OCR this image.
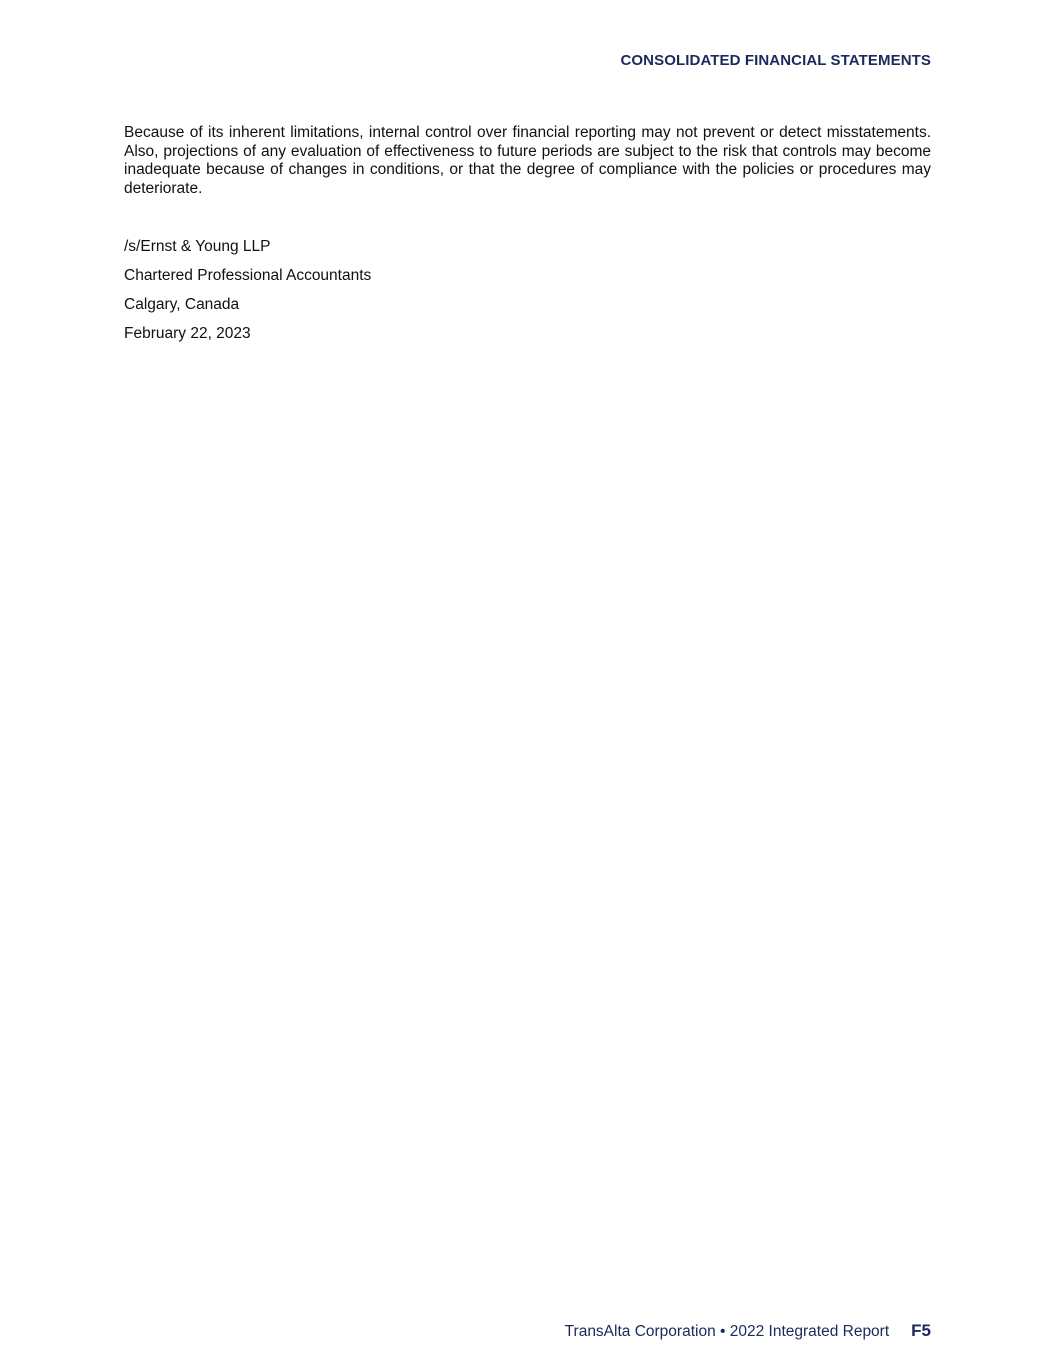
CONSOLIDATED FINANCIAL STATEMENTS

Because of its inherent limitations, internal control over financial reporting may not prevent or detect misstatements. Also, projections of any evaluation of effectiveness to future periods are subject to the risk that controls may become inadequate because of changes in conditions, or that the degree of compliance with the policies or procedures may deteriorate.

/s/Ernst & Young LLP
Chartered Professional Accountants
Calgary, Canada
February 22, 2023
TransAlta Corporation • 2022 Integrated Report F5
